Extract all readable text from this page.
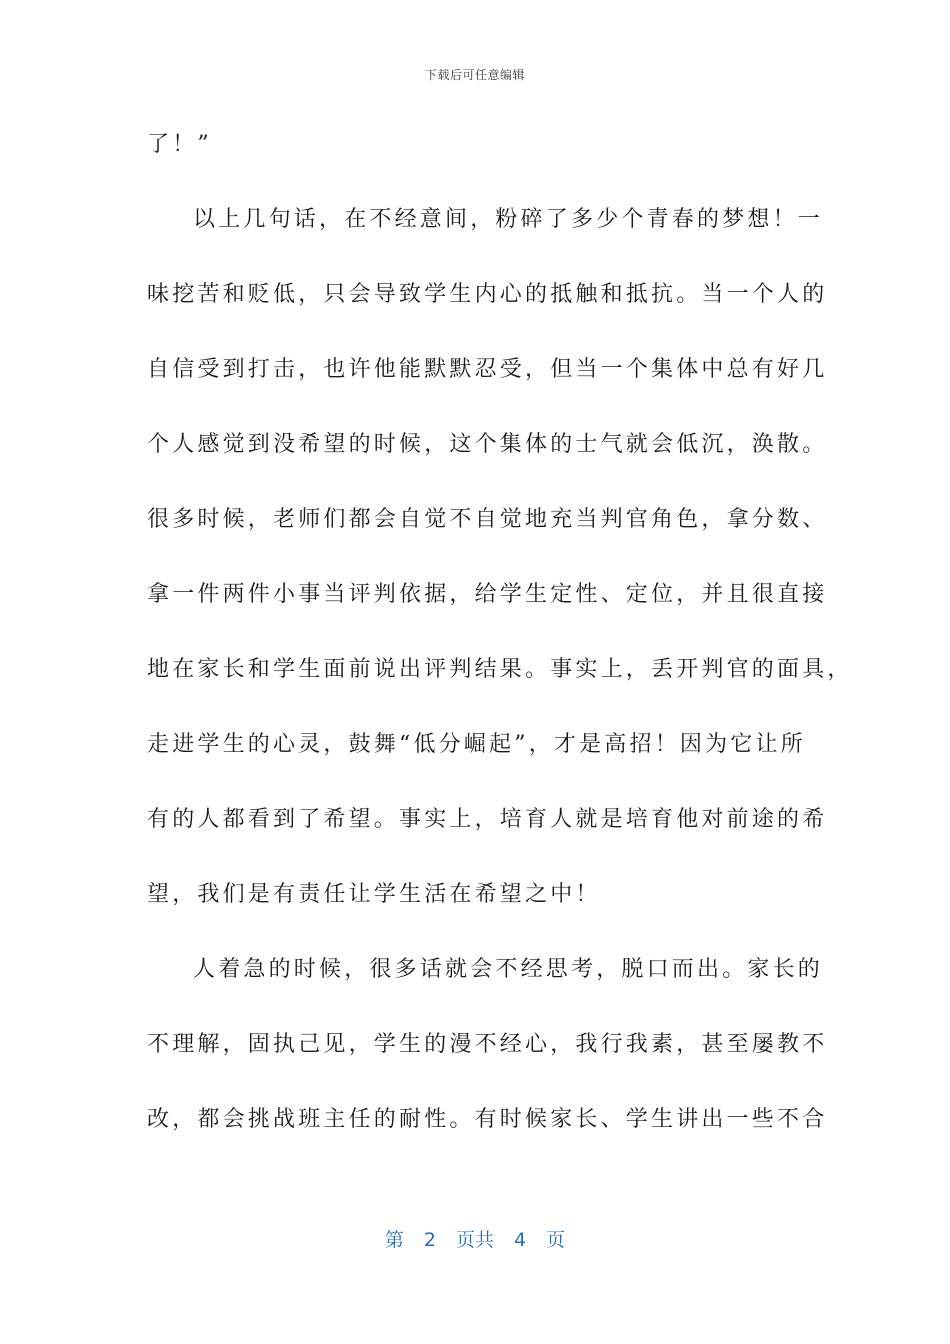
下载后可任意编辑
了！”
以上几句话，在不经意间，粉碎了多少个青春的梦想！一
味挖苦和贬低，只会导致学生内心的抵触和抵抗。当一个人的
自信受到打击，也许他能默默忍受，但当一个集体中总有好几
个人感觉到没希望的时候，这个集体的士气就会低沉，涣散。
很多时候，老师们都会自觉不自觉地充当判官角色，拿分数、
拿一件两件小事当评判依据，给学生定性、定位，并且很直接
地在家长和学生面前说出评判结果。事实上，丢开判官的面具，
走进学生的心灵，鼓舞“低分崛起”，才是高招！因为它让所
有的人都看到了希望。事实上，培育人就是培育他对前途的希
望，我们是有责任让学生活在希望之中！
人着急的时候，很多话就会不经思考，脱口而出。家长的
不理解，固执己见，学生的漫不经心，我行我素，甚至屡教不
改，都会挑战班主任的耐性。有时候家长、学生讲出一些不合
第 2 页共 4 页
